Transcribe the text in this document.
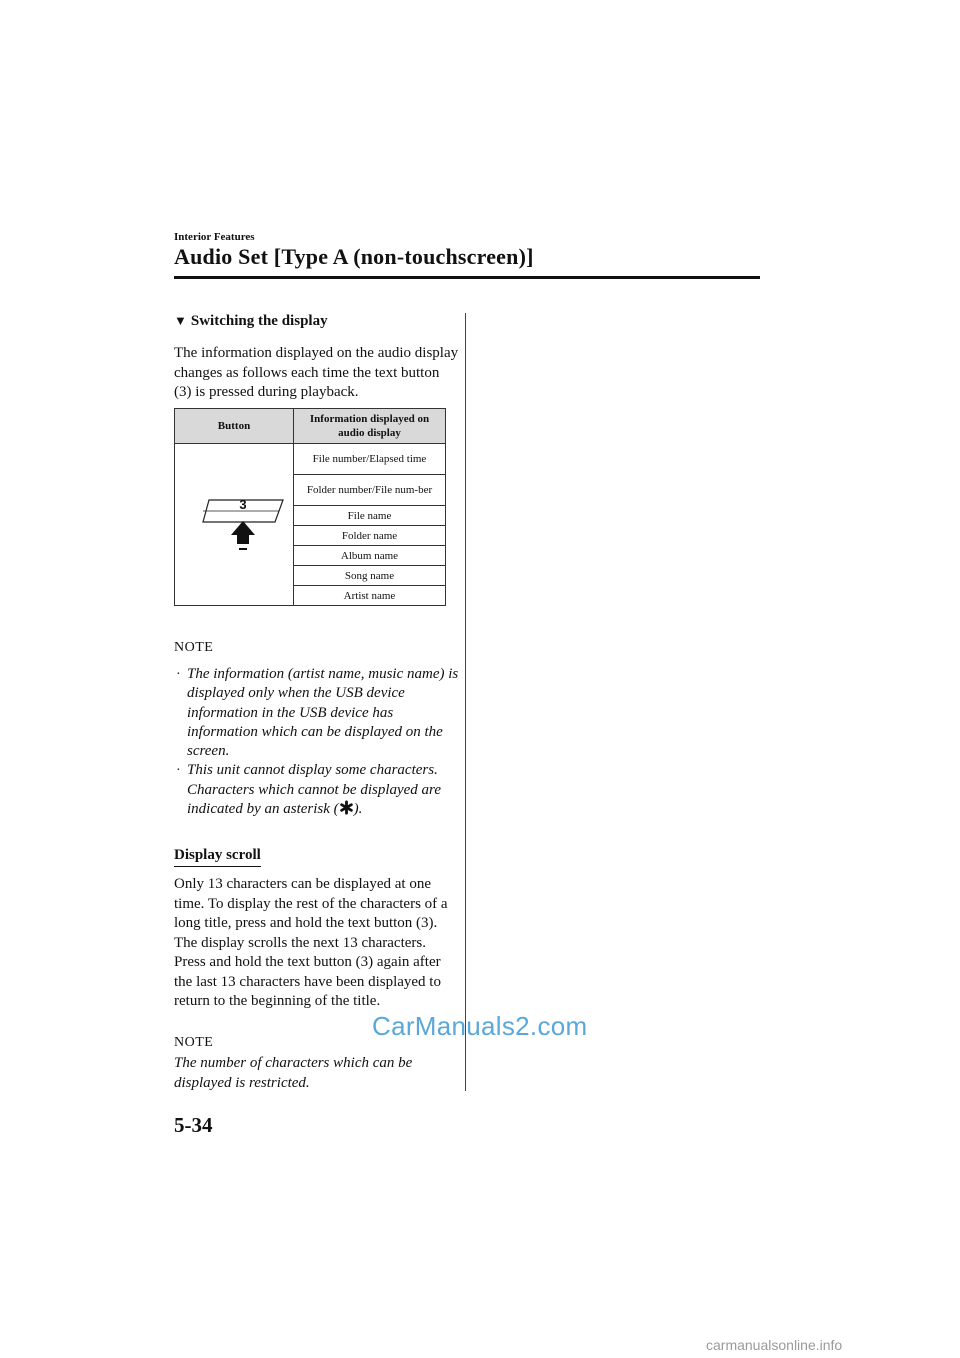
Interior Features
Audio Set [Type A (non-touchscreen)]
▼ Switching the display
The information displayed on the audio display changes as follows each time the text button (3) is pressed during playback.
Button	Information displayed on audio display

3	File number/Elapsed time
	Folder number/File num-ber
	File name
	Folder name
	Album name
	Song name
	Artist name
NOTE
· The information (artist name, music name) is displayed only when the USB device information in the USB device has information which can be displayed on the screen.
· This unit cannot display some characters. Characters which cannot be displayed are indicated by an asterisk ( ).
Display scroll
Only 13 characters can be displayed at one time. To display the rest of the characters of a long title, press and hold the text button (3). The display scrolls the next 13 characters. Press and hold the text button (3) again after the last 13 characters have been displayed to return to the beginning of the title.
NOTE
The number of characters which can be displayed is restricted.
CarManuals2.com
5-34
carmanualsonline.info
